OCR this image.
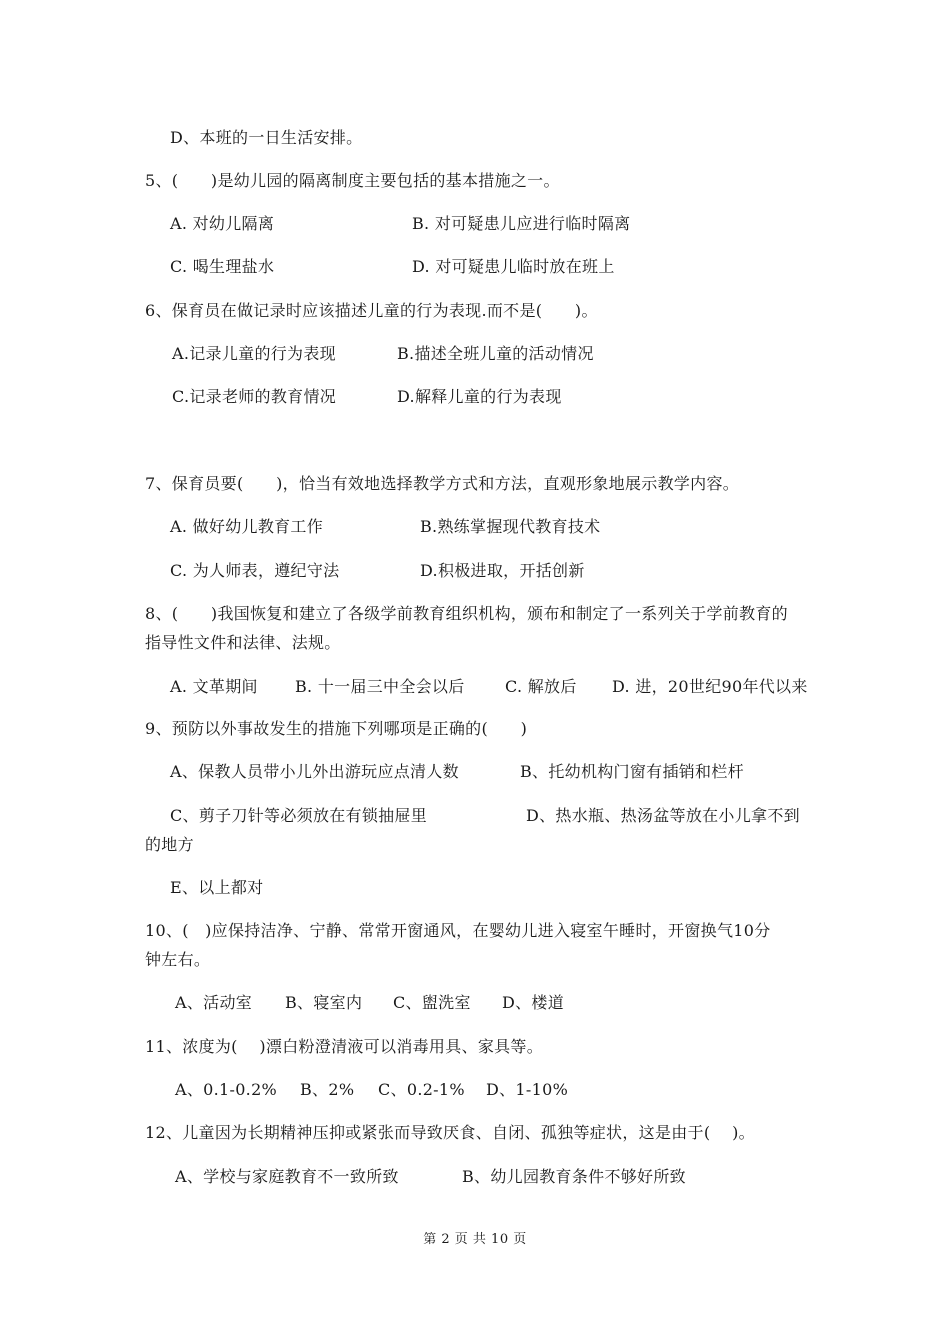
D、本班的一日生活安排。
5、(　　)是幼儿园的隔离制度主要包括的基本措施之一。
A. 对幼儿隔离	B. 对可疑患儿应进行临时隔离
C. 喝生理盐水	D. 对可疑患儿临时放在班上
6、保育员在做记录时应该描述儿童的行为表现.而不是(　　)。
A.记录儿童的行为表现	B.描述全班儿童的活动情况
C.记录老师的教育情况	D.解释儿童的行为表现
7、保育员要(　　)，恰当有效地选择教学方式和方法，直观形象地展示教学内容。
A. 做好幼儿教育工作	B.熟练掌握现代教育技术
C. 为人师表，遵纪守法	D.积极进取，开括创新
8、(　　)我国恢复和建立了各级学前教育组织机构，颁布和制定了一系列关于学前教育的
指导性文件和法律、法规。
A. 文革期间 B. 十一届三中全会以后	C. 解放后 D. 进，20世纪90年代以来
9、预防以外事故发生的措施下列哪项是正确的(　　)
A、保教人员带小儿外出游玩应点清人数	B、托幼机构门窗有插销和栏杆
C、剪子刀针等必须放在有锁抽屉里	D、热水瓶、热汤盆等放在小儿拿不到
的地方
E、以上都对
10、(　)应保持洁净、宁静、常常开窗通风，在婴幼儿进入寝室午睡时，开窗换气10分
钟左右。
A、活动室 B、寝室内 C、盥洗室 D、楼道
11、浓度为(　 )漂白粉澄清液可以消毒用具、家具等。
A、0.1-0.2% B、2% C、0.2-1% D、1-10%
12、儿童因为长期精神压抑或紧张而导致厌食、自闭、孤独等症状，这是由于(　 )。
A、学校与家庭教育不一致所致	B、幼儿园教育条件不够好所致
第 2 页 共 10 页
